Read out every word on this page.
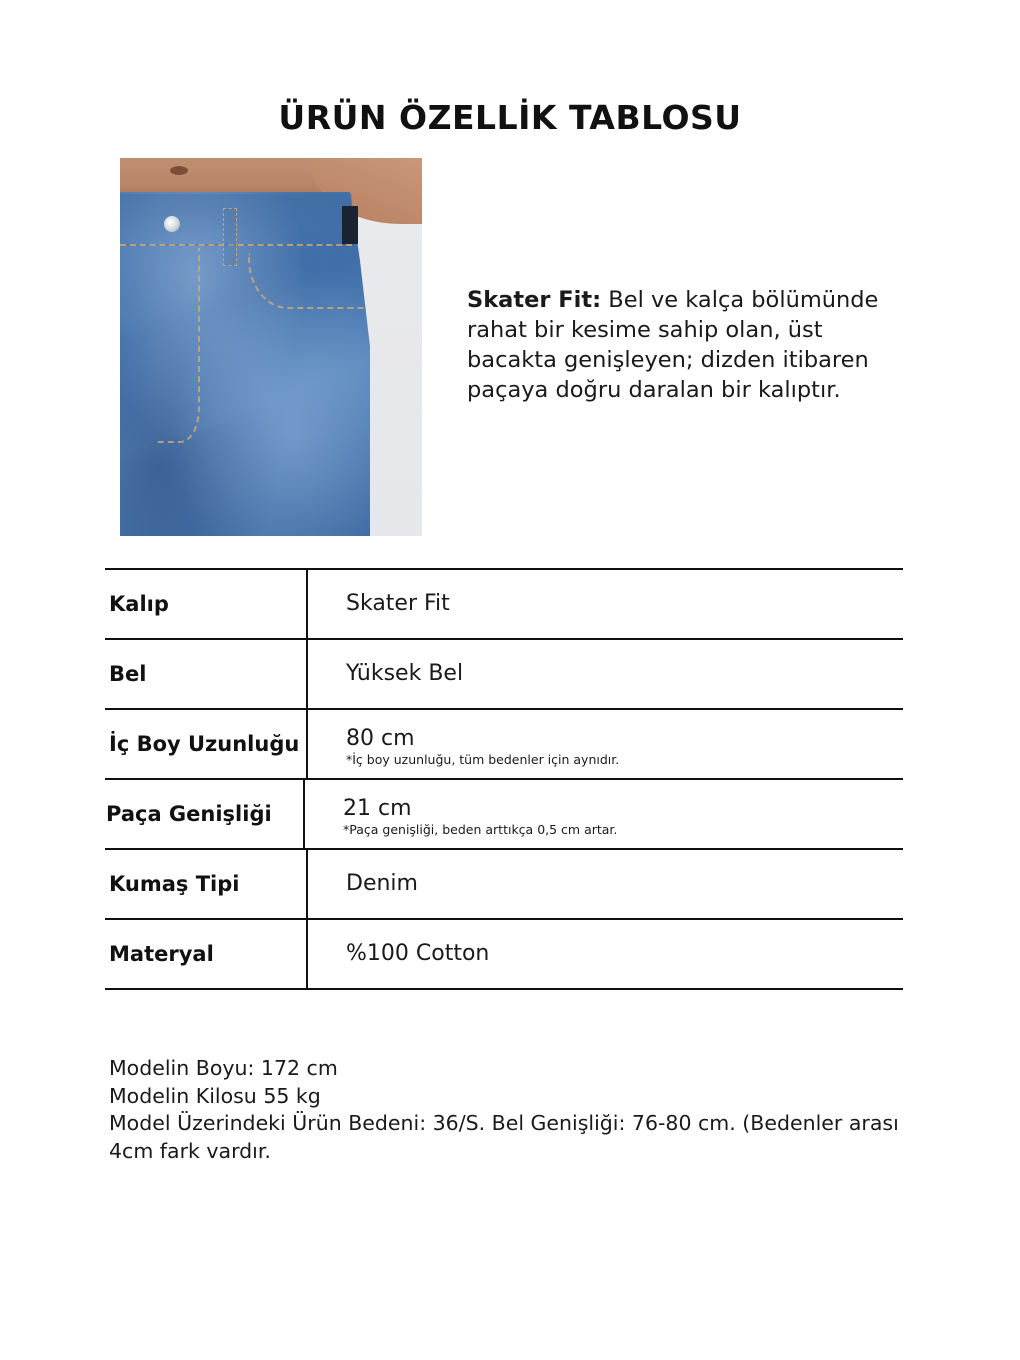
ÜRÜN ÖZELLİK TABLOSU

Skater Fit: Bel ve kalça bölümünde rahat bir kesime sahip olan, üst bacakta genişleyen; dizden itibaren paçaya doğru daralan bir kalıptır.

Kalıp	Skater Fit
Bel	Yüksek Bel
İç Boy Uzunluğu	80 cm
*İç boy uzunluğu, tüm bedenler için aynıdır.
Paça Genişliği	21 cm
*Paça genişliği, beden arttıkça 0,5 cm artar.
Kumaş Tipi	Denim
Materyal	%100 Cotton
Modelin Boyu: 172 cm
Modelin Kilosu 55 kg
Model Üzerindeki Ürün Bedeni: 36/S. Bel Genişliği: 76-80 cm. (Bedenler arası 4cm fark vardır.
